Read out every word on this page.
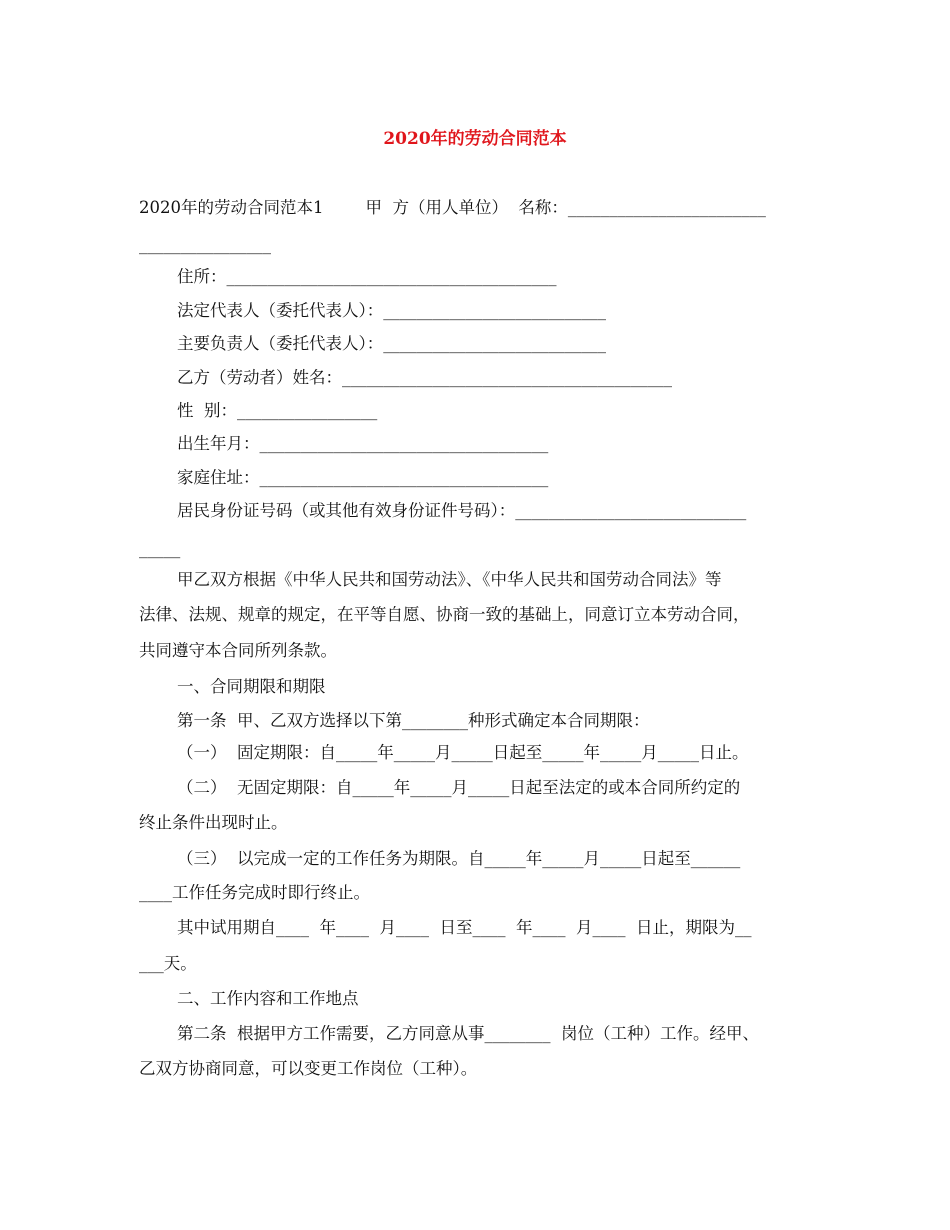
2020年的劳动合同范本
2020年的劳动合同范本1        甲  方（用人单位）  名称：________________________
________________
住所：________________________________________
法定代表人（委托代表人）：___________________________
主要负责人（委托代表人）：___________________________
乙方（劳动者）姓名：________________________________________
性  别：_________________
出生年月：___________________________________
家庭住址：___________________________________
居民身份证号码（或其他有效身份证件号码）：____________________________
_____
甲乙双方根据《中华人民共和国劳动法》、《中华人民共和国劳动合同法》等
法律、法规、规章的规定，在平等自愿、协商一致的基础上，同意订立本劳动合同，
共同遵守本合同所列条款。
一、合同期限和期限
第一条  甲、乙双方选择以下第________种形式确定本合同期限：
（一）  固定期限：自_____年_____月_____日起至_____年_____月_____日止。
（二）  无固定期限：自_____年_____月_____日起至法定的或本合同所约定的
终止条件出现时止。
（三）  以完成一定的工作任务为期限。自_____年_____月_____日起至______
____工作任务完成时即行终止。
其中试用期自____  年____  月____  日至____  年____  月____  日止，期限为__
___天。
二、工作内容和工作地点
第二条  根据甲方工作需要，乙方同意从事________  岗位（工种）工作。经甲、
乙双方协商同意，可以变更工作岗位（工种）。
